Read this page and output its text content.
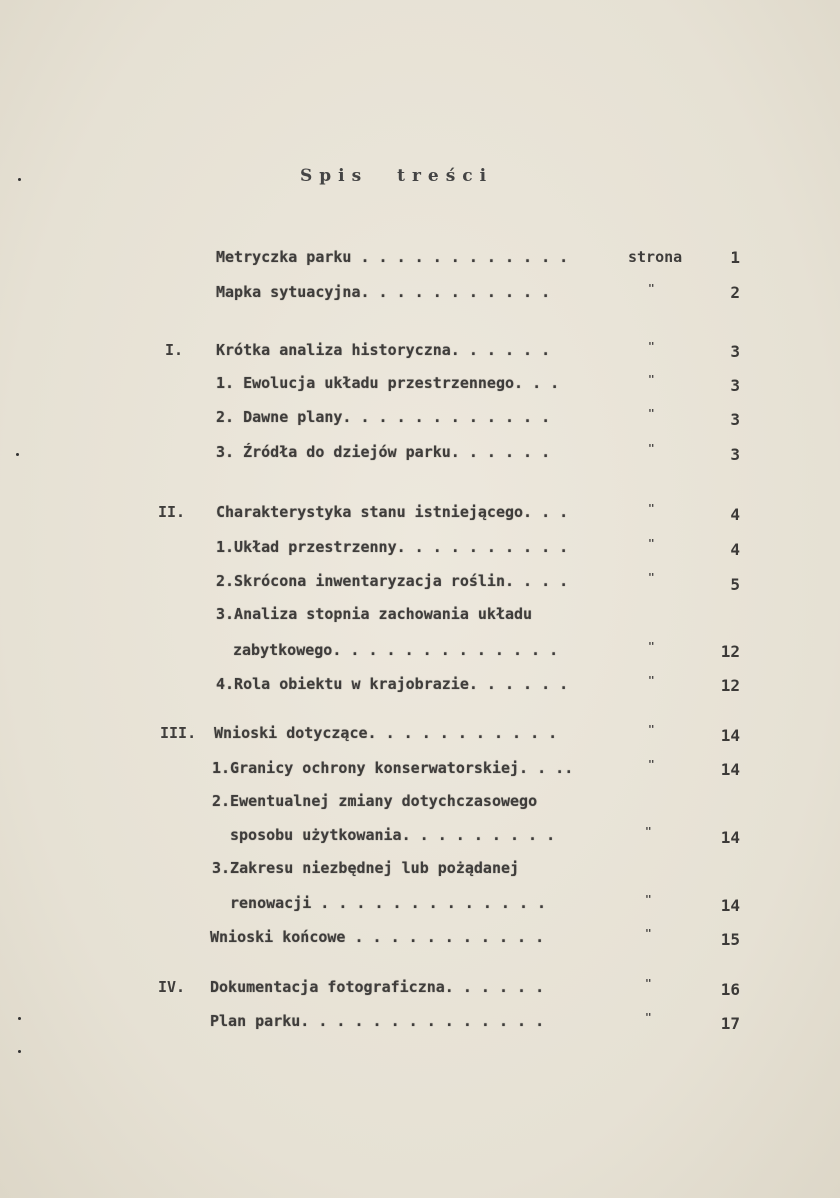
Spis treści
Metryczka parku . . . . . . . . . . . .	strona	1
Mapka sytuacyjna. . . . . . . . . . .	"	2
I. Krótka analiza historyczna. . . . . .	"	3
1. Ewolucja układu przestrzennego. . .	"	3
2. Dawne plany. . . . . . . . . . . .	"	3
3. Źródła do dziejów parku. . . . . .	"	3
II. Charakterystyka stanu istniejącego. . .	"	4
1.Układ przestrzenny. . . . . . . . . .	"	4
2.Skrócona inwentaryzacja roślin. . . .	"	5
3.Analiza stopnia zachowania układu
zabytkowego. . . . . . . . . . . . .	"	12
4.Rola obiektu w krajobrazie. . . . . .	"	12
III. Wnioski dotyczące. . . . . . . . . . .	"	14
1.Granicy ochrony konserwatorskiej. . ..	"	14
2.Ewentualnej zmiany dotychczasowego
sposobu użytkowania. . . . . . . . .	"	14
3.Zakresu niezbędnej lub pożądanej
renowacji . . . . . . . . . . . . .	"	14
Wnioski końcowe . . . . . . . . . . .	"	15
IV. Dokumentacja fotograficzna. . . . . .	"	16
Plan parku. . . . . . . . . . . . . .	"	17
